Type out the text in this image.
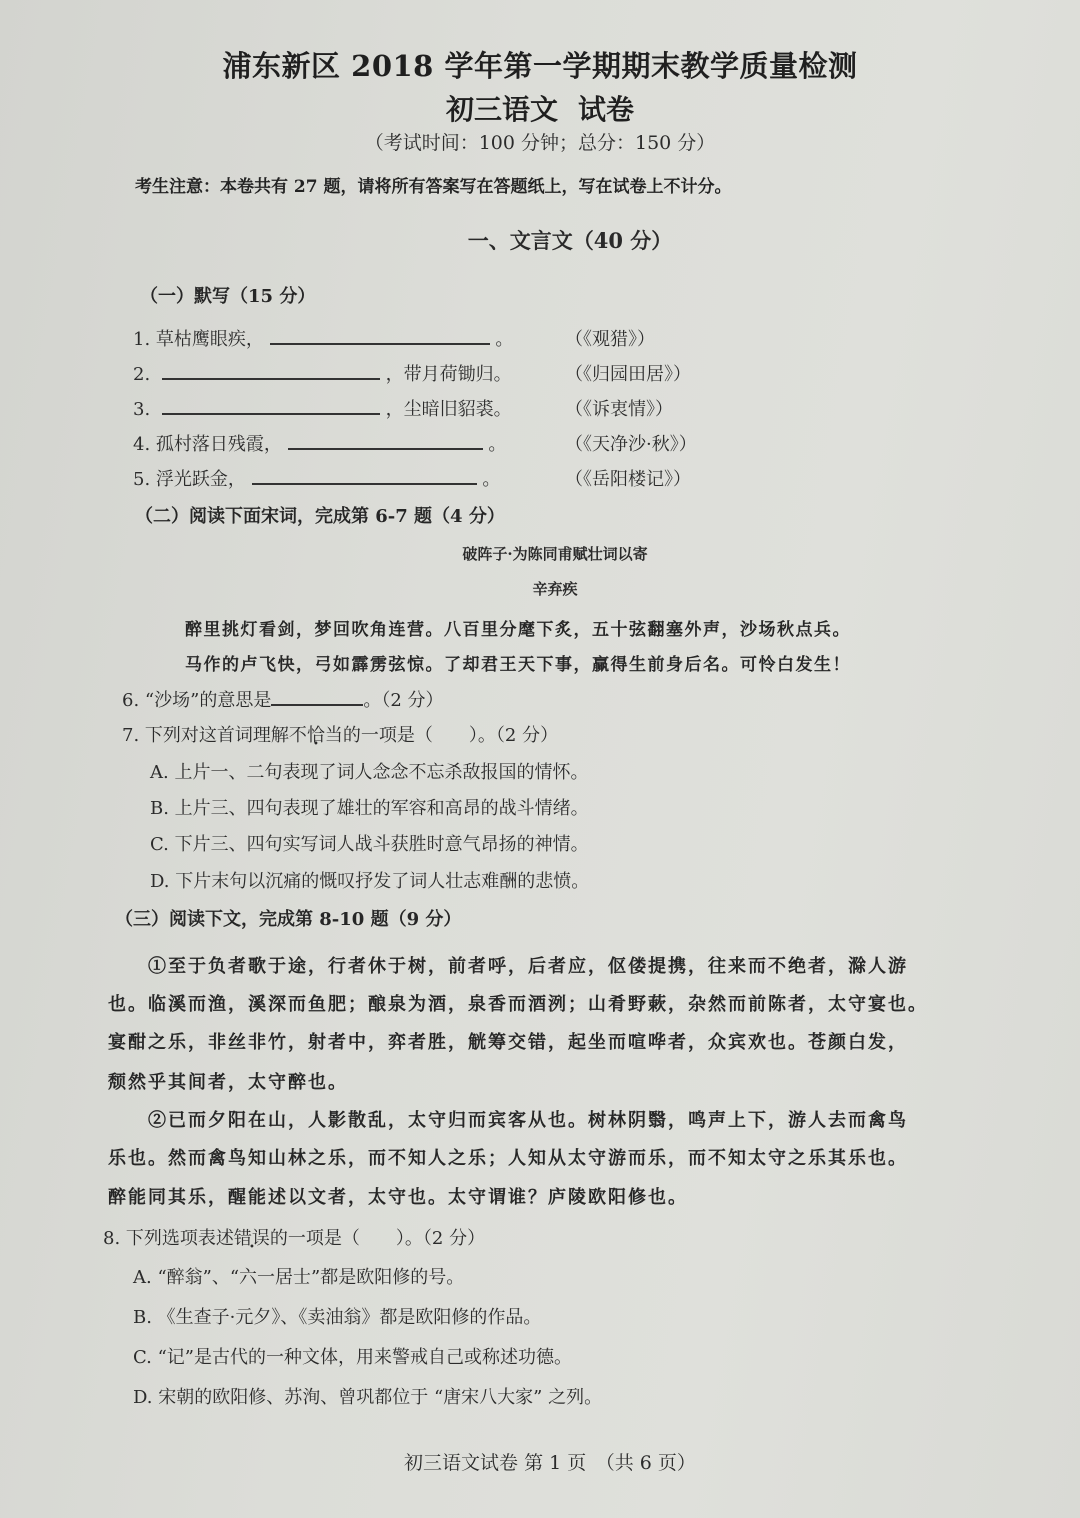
浦东新区 2018 学年第一学期期末教学质量检测
初三语文 试卷
（考试时间：100 分钟；总分：150 分）
考生注意：本卷共有 27 题，请将所有答案写在答题纸上，写在试卷上不计分。
一、文言文（40 分）
（一）默写（15 分）
1. 草枯鹰眼疾，	。	（《观猎》）
2.	，带月荷锄归。	（《归园田居》）
3.	，尘暗旧貂裘。	（《诉衷情》）
4. 孤村落日残霞，	。	（《天净沙·秋》）
5. 浮光跃金，	。	（《岳阳楼记》）
（二）阅读下面宋词，完成第 6-7 题（4 分）
破阵子·为陈同甫赋壮词以寄
辛弃疾
醉里挑灯看剑，梦回吹角连营。八百里分麾下炙，五十弦翻塞外声，沙场秋点兵。
马作的卢飞快，弓如霹雳弦惊。了却君王天下事，赢得生前身后名。可怜白发生！
6. “沙场”的意思是	。（2 分）
7. 下列对这首词理解不恰当的一项是（　　）。（2 分）
A. 上片一、二句表现了词人念念不忘杀敌报国的情怀。
B. 上片三、四句表现了雄壮的军容和高昂的战斗情绪。
C. 下片三、四句实写词人战斗获胜时意气昂扬的神情。
D. 下片末句以沉痛的慨叹抒发了词人壮志难酬的悲愤。
（三）阅读下文，完成第 8-10 题（9 分）
①至于负者歌于途，行者休于树，前者呼，后者应，伛偻提携，往来而不绝者，滁人游
也。临溪而渔，溪深而鱼肥；酿泉为酒，泉香而酒洌；山肴野蔌，杂然而前陈者，太守宴也。
宴酣之乐，非丝非竹，射者中，弈者胜，觥筹交错，起坐而喧哗者，众宾欢也。苍颜白发，
颓然乎其间者，太守醉也。
②已而夕阳在山，人影散乱，太守归而宾客从也。树林阴翳，鸣声上下，游人去而禽鸟
乐也。然而禽鸟知山林之乐，而不知人之乐；人知从太守游而乐，而不知太守之乐其乐也。
醉能同其乐，醒能述以文者，太守也。太守谓谁？庐陵欧阳修也。
8. 下列选项表述错误的一项是（　　）。（2 分）
A. “醉翁”、“六一居士”都是欧阳修的号。
B. 《生查子·元夕》、《卖油翁》都是欧阳修的作品。
C. “记”是古代的一种文体，用来警戒自己或称述功德。
D. 宋朝的欧阳修、苏洵、曾巩都位于 “唐宋八大家” 之列。
初三语文试卷 第 1 页　（共 6 页）
